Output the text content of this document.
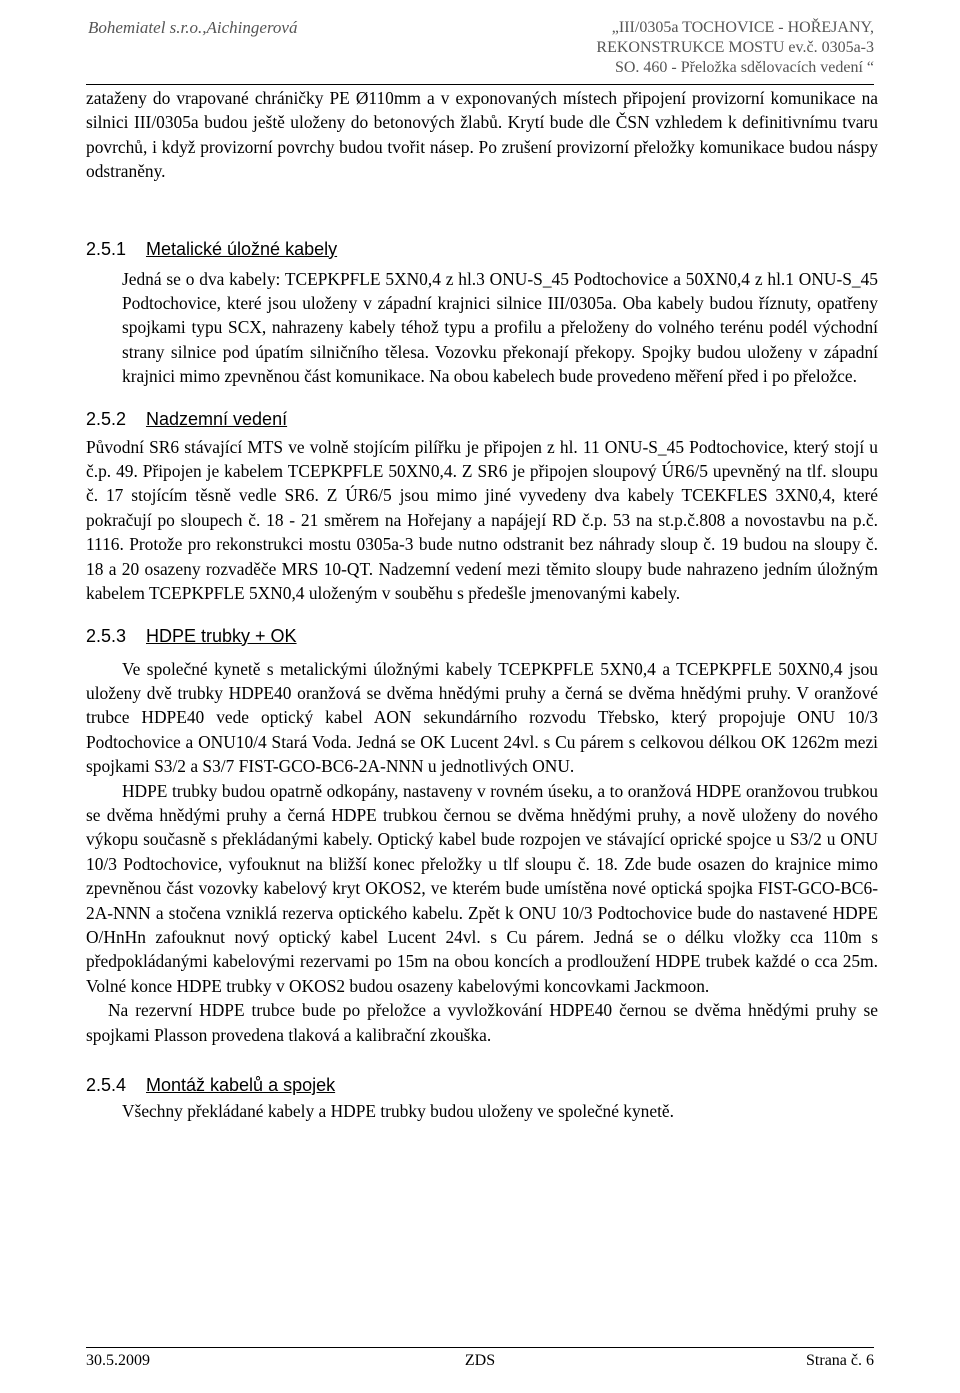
Bohemiatel s.r.o.,Aichingerová	„III/0305a TOCHOVICE - HOŘEJANY,
REKONSTRUKCE MOSTU ev.č. 0305a-3
SO. 460 - Přeložka sdělovacích vedení “

zataženy do vrapované chráničky PE Ø110mm a v exponovaných místech připojení provizorní komunikace na silnici III/0305a budou ještě uloženy do betonových žlabů. Krytí bude dle ČSN vzhledem k definitivnímu tvaru povrchů, i když provizorní povrchy budou tvořit násep. Po zrušení provizorní přeložky komunikace budou náspy odstraněny.

2.5.1 Metalické úložné kabely

Jedná se o dva kabely: TCEPKPFLE 5XN0,4 z hl.3 ONU-S_45 Podtochovice a 50XN0,4 z hl.1 ONU-S_45 Podtochovice, které jsou uloženy v západní krajnici silnice III/0305a. Oba kabely budou říznuty, opatřeny spojkami typu SCX, nahrazeny kabely téhož typu a profilu a přeloženy do volného terénu podél východní strany silnice pod úpatím silničního tělesa. Vozovku překonají překopy. Spojky budou uloženy v západní krajnici mimo zpevněnou část komunikace. Na obou kabelech bude provedeno měření před i po přeložce.

2.5.2 Nadzemní vedení

Původní SR6 stávající MTS ve volně stojícím pilířku je připojen z hl. 11 ONU-S_45 Podtochovice, který stojí u č.p. 49. Připojen je kabelem TCEPKPFLE 50XN0,4. Z SR6 je připojen sloupový ÚR6/5 upevněný na tlf. sloupu č. 17 stojícím těsně vedle SR6. Z ÚR6/5 jsou mimo jiné vyvedeny dva kabely TCEKFLES 3XN0,4, které pokračují po sloupech č. 18 - 21 směrem na Hořejany a napájejí RD č.p. 53 na st.p.č.808 a novostavbu na p.č. 1116. Protože pro rekonstrukci mostu 0305a-3 bude nutno odstranit bez náhrady sloup č. 19 budou na sloupy č. 18 a 20 osazeny rozvaděče MRS 10-QT. Nadzemní vedení mezi těmito sloupy bude nahrazeno jedním úložným kabelem TCEPKPFLE 5XN0,4 uloženým v souběhu s předešle jmenovanými kabely.

2.5.3 HDPE trubky + OK

Ve společné kynetě s metalickými úložnými kabely TCEPKPFLE 5XN0,4 a TCEPKPFLE 50XN0,4 jsou uloženy dvě trubky HDPE40 oranžová se dvěma hnědými pruhy a černá se dvěma hnědými pruhy. V oranžové trubce HDPE40 vede optický kabel AON sekundárního rozvodu Třebsko, který propojuje ONU 10/3 Podtochovice a ONU10/4 Stará Voda. Jedná se OK Lucent 24vl. s Cu párem s celkovou délkou OK 1262m mezi spojkami S3/2 a S3/7 FIST-GCO-BC6-2A-NNN u jednotlivých ONU.

HDPE trubky budou opatrně odkopány, nastaveny v rovném úseku, a to oranžová HDPE oranžovou trubkou se dvěma hnědými pruhy a černá HDPE trubkou černou se dvěma hnědými pruhy, a nově uloženy do nového výkopu současně s překládanými kabely. Optický kabel bude rozpojen ve stávající oprické spojce u S3/2 u ONU 10/3 Podtochovice, vyfouknut na bližší konec přeložky u tlf sloupu č. 18. Zde bude osazen do krajnice mimo zpevněnou část vozovky kabelový kryt OKOS2, ve kterém bude umístěna nové optická spojka FIST-GCO-BC6-2A-NNN a stočena vzniklá rezerva optického kabelu. Zpět k ONU 10/3 Podtochovice bude do nastavené HDPE O/HnHn zafouknut nový optický kabel Lucent 24vl. s Cu párem. Jedná se o délku vložky cca 110m s předpokládanými kabelovými rezervami po 15m na obou koncích a prodloužení HDPE trubek každé o cca 25m. Volné konce HDPE trubky v OKOS2 budou osazeny kabelovými koncovkami Jackmoon.

Na rezervní HDPE trubce bude po přeložce a vyvložkování HDPE40 černou se dvěma hnědými pruhy se spojkami Plasson provedena tlaková a kalibrační zkouška.

2.5.4 Montáž kabelů a spojek

Všechny překládané kabely a HDPE trubky budou uloženy ve společné kynetě.

30.5.2009	ZDS	Strana č. 6
